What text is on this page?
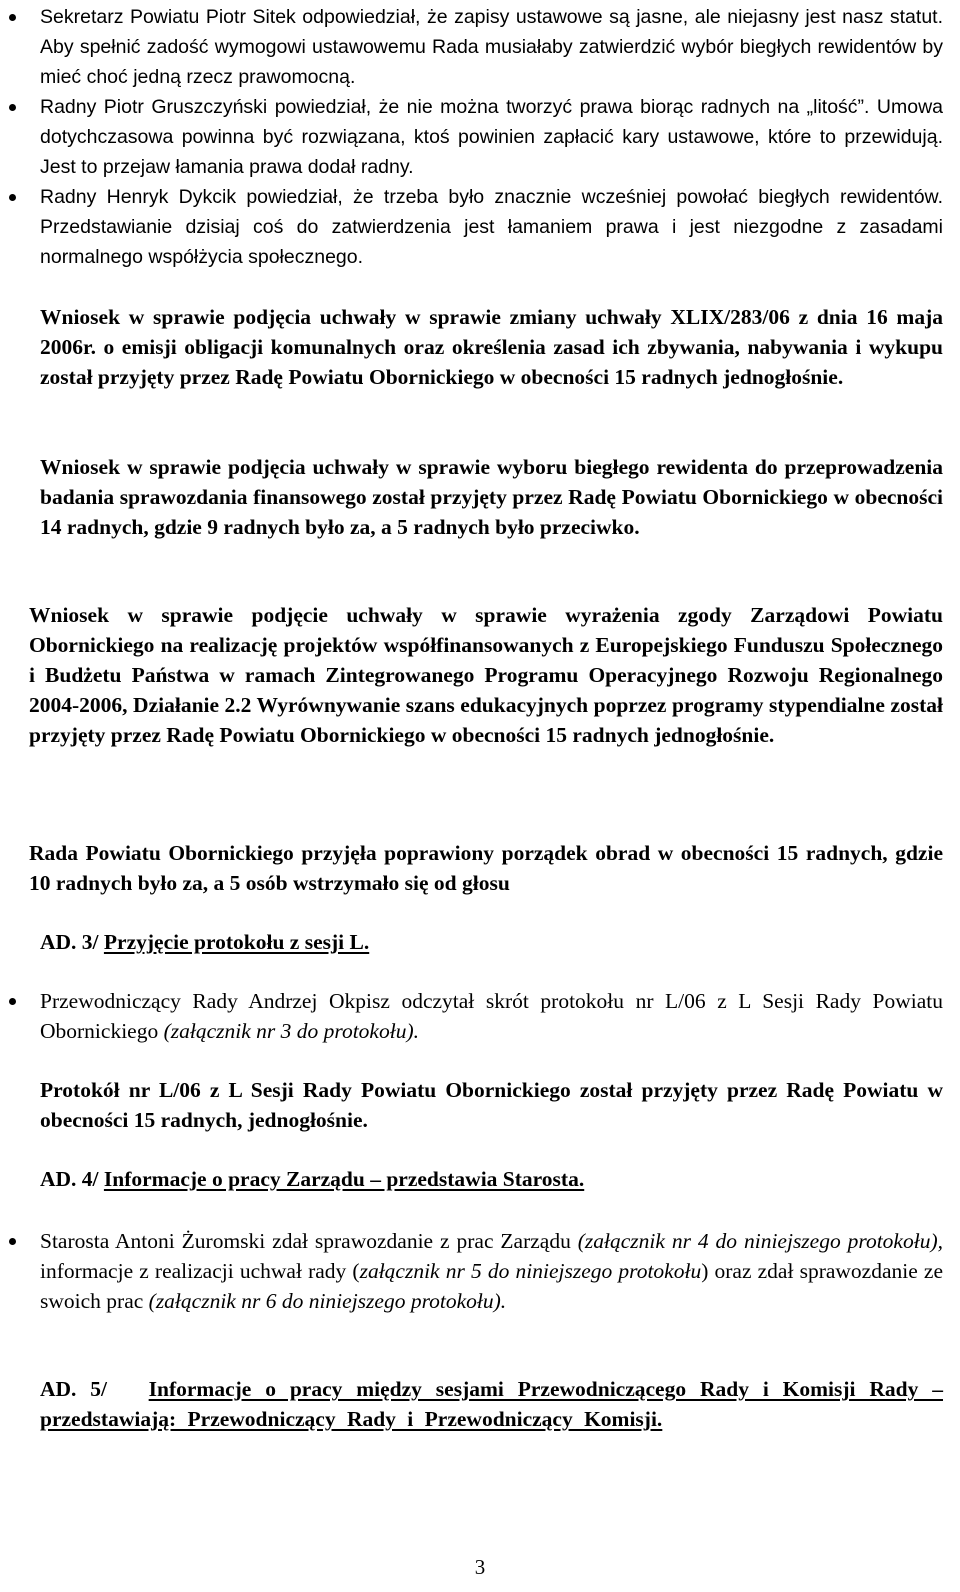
Sekretarz Powiatu Piotr Sitek odpowiedział, że zapisy ustawowe są jasne, ale niejasny jest nasz statut. Aby spełnić zadość wymogowi ustawowemu Rada musiałaby zatwierdzić wybór biegłych rewidentów by mieć choć jedną rzecz prawomocną.
Radny Piotr Gruszczyński powiedział, że nie można tworzyć prawa biorąc radnych na „litość”. Umowa dotychczasowa powinna być rozwiązana, ktoś powinien zapłacić kary ustawowe, które to przewidują. Jest to przejaw łamania prawa dodał radny.
Radny Henryk Dykcik powiedział, że trzeba było znacznie wcześniej powołać biegłych rewidentów. Przedstawianie dzisiaj coś do zatwierdzenia jest łamaniem prawa i jest niezgodne z zasadami normalnego współżycia społecznego.

Wniosek w sprawie podjęcia uchwały w sprawie zmiany uchwały XLIX/283/06 z dnia 16 maja 2006r. o emisji obligacji komunalnych oraz określenia zasad ich zbywania, nabywania i wykupu został przyjęty przez Radę Powiatu Obornickiego w obecności 15 radnych jednogłośnie.

Wniosek w sprawie podjęcia uchwały w sprawie wyboru biegłego rewidenta do przeprowadzenia badania sprawozdania finansowego został przyjęty przez Radę Powiatu Obornickiego w obecności 14 radnych, gdzie 9 radnych było za, a 5 radnych było przeciwko.

Wniosek w sprawie podjęcie uchwały w sprawie wyrażenia zgody Zarządowi Powiatu Obornickiego na realizację projektów współfinansowanych z Europejskiego Funduszu Społecznego i Budżetu Państwa w ramach Zintegrowanego Programu Operacyjnego Rozwoju Regionalnego 2004-2006, Działanie 2.2 Wyrównywanie szans edukacyjnych poprzez programy stypendialne został przyjęty przez Radę Powiatu Obornickiego w obecności 15 radnych jednogłośnie.

Rada Powiatu Obornickiego przyjęła poprawiony porządek obrad w obecności 15 radnych, gdzie 10 radnych było za, a 5 osób wstrzymało się od głosu

AD. 3/ Przyjęcie protokołu z sesji L.

Przewodniczący Rady Andrzej Okpisz odczytał skrót protokołu nr L/06 z L Sesji Rady Powiatu Obornickiego (załącznik nr 3 do protokołu).

Protokół nr L/06 z L Sesji Rady Powiatu Obornickiego został przyjęty przez Radę Powiatu w obecności 15 radnych, jednogłośnie.

AD. 4/ Informacje o pracy Zarządu – przedstawia Starosta.

Starosta Antoni Żuromski zdał sprawozdanie z prac Zarządu (załącznik nr 4 do niniejszego protokołu), informacje z realizacji uchwał rady (załącznik nr 5 do niniejszego protokołu) oraz zdał sprawozdanie ze swoich prac (załącznik nr 6 do niniejszego protokołu).

AD. 5/ Informacje o pracy między sesjami Przewodniczącego Rady i Komisji Rady – przedstawiają: Przewodniczący Rady i Przewodniczący Komisji.

3
